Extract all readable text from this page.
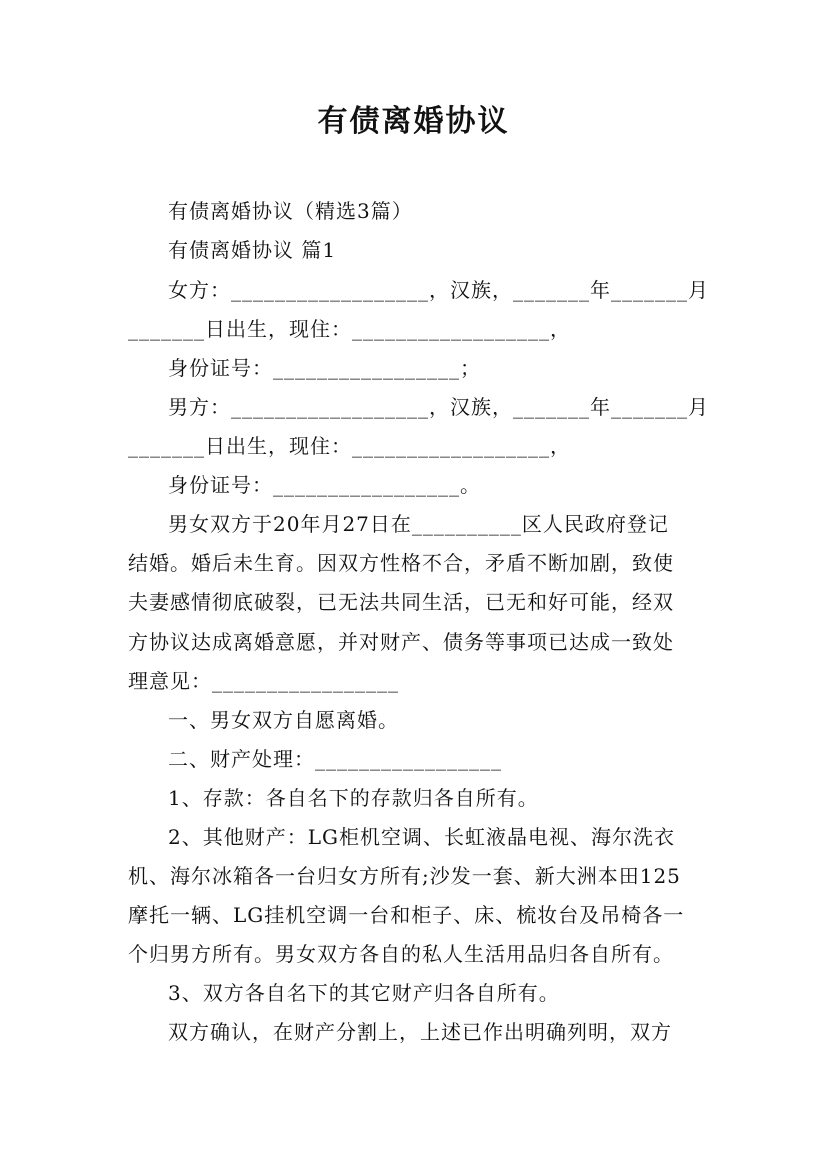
有债离婚协议
有债离婚协议（精选3篇）
有债离婚协议 篇1
女方：__________________，汉族，_______年_______月
_______日出生，现住：__________________，
身份证号：_________________；
男方：__________________，汉族，_______年_______月
_______日出生，现住：__________________，
身份证号：_________________。
男女双方于20年月27日在__________区人民政府登记
结婚。婚后未生育。因双方性格不合，矛盾不断加剧，致使
夫妻感情彻底破裂，已无法共同生活，已无和好可能，经双
方协议达成离婚意愿，并对财产、债务等事项已达成一致处
理意见：_________________
一、男女双方自愿离婚。
二、财产处理：_________________
1、存款：各自名下的存款归各自所有。
2、其他财产：LG柜机空调、长虹液晶电视、海尔洗衣
机、海尔冰箱各一台归女方所有;沙发一套、新大洲本田125
摩托一辆、LG挂机空调一台和柜子、床、梳妆台及吊椅各一
个归男方所有。男女双方各自的私人生活用品归各自所有。
3、双方各自名下的其它财产归各自所有。
双方确认，在财产分割上，上述已作出明确列明，双方
